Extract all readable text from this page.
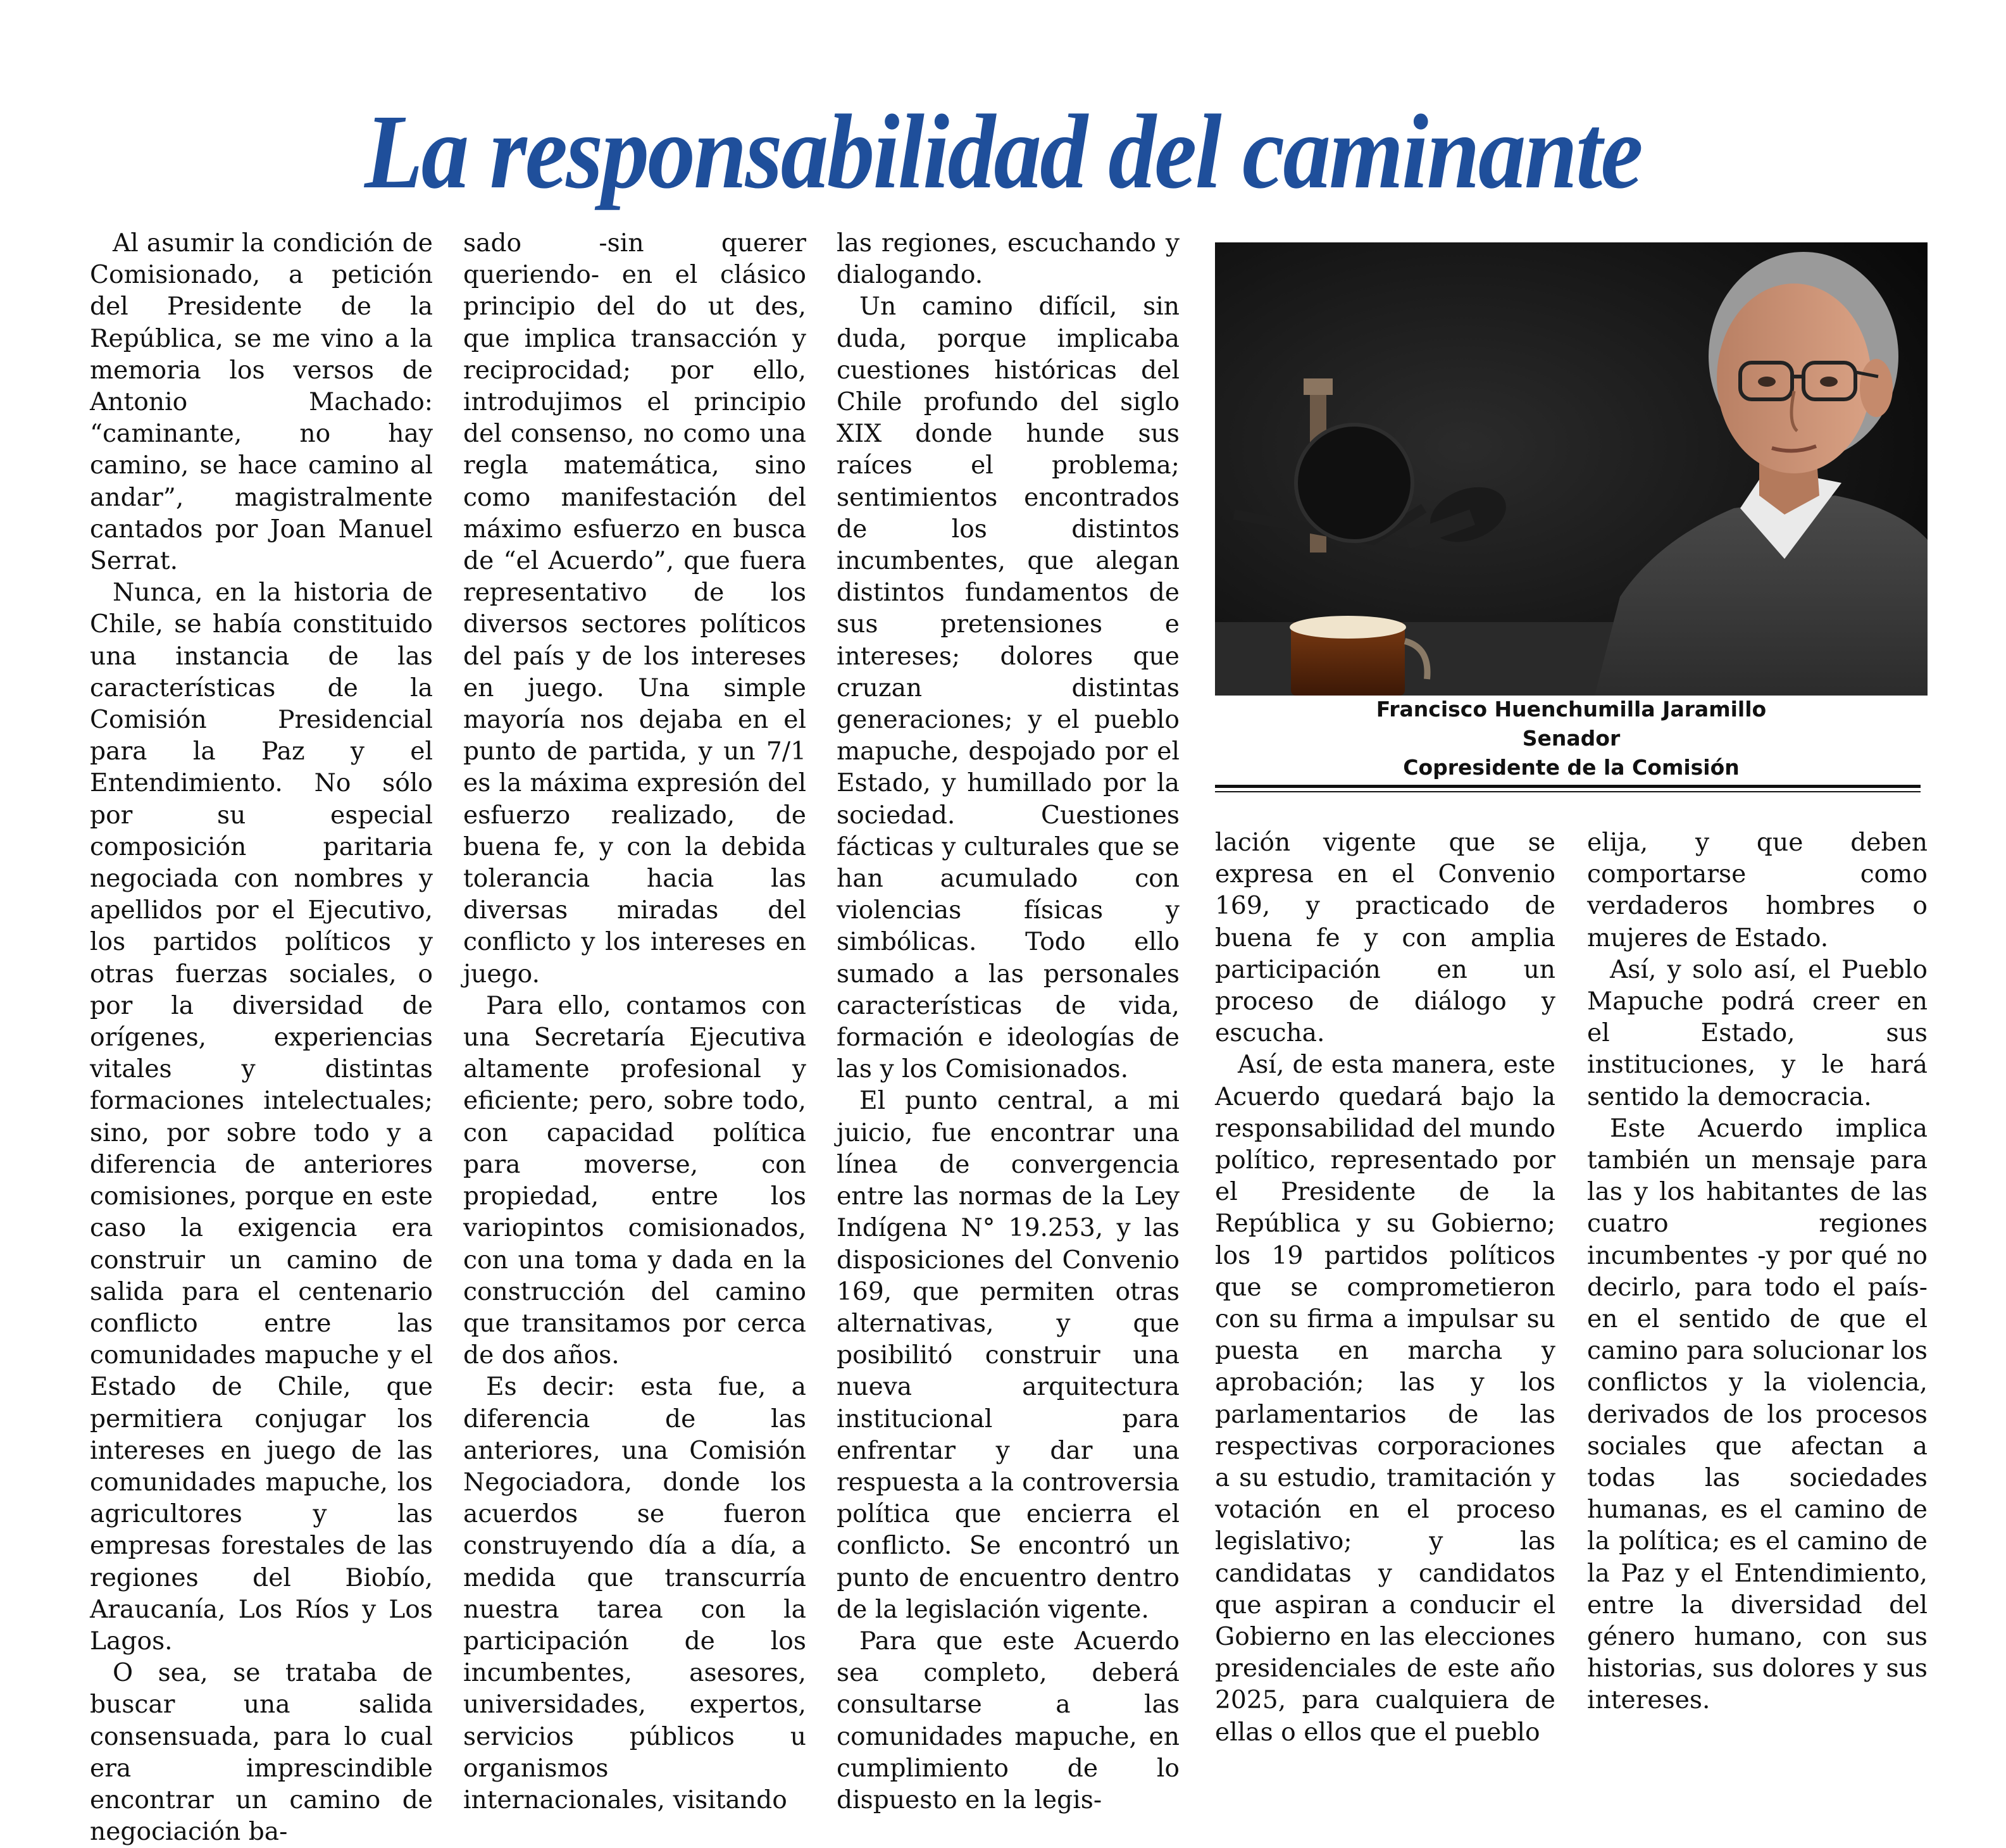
La responsabilidad del caminante

Al asumir la condición de Comisionado, a petición del Presidente de la República, se me vino a la memoria los versos de Antonio Machado: “caminante, no hay camino, se hace camino al andar”, magistralmente cantados por Joan Manuel Serrat.

Nunca, en la historia de Chile, se había constituido una instancia de las características de la Comisión Presidencial para la Paz y el Entendimiento. No sólo por su especial composición paritaria negociada con nombres y apellidos por el Ejecutivo, los partidos políticos y otras fuerzas sociales, o por la diversidad de orígenes, experiencias vitales y distintas formaciones intelectuales; sino, por sobre todo y a diferencia de anteriores comisiones, porque en este caso la exigencia era construir un camino de salida para el centenario conflicto entre las comunidades mapuche y el Estado de Chile, que permitiera conjugar los intereses en juego de las comunidades mapuche, los agricultores y las empresas forestales de las regiones del Biobío, Araucanía, Los Ríos y Los Lagos.

O sea, se trataba de buscar una salida consensuada, para lo cual era imprescindible encontrar un camino de negociación ba-

sado -sin querer queriendo- en el clásico principio del do ut des, que implica transacción y reciprocidad; por ello, introdujimos el principio del consenso, no como una regla matemática, sino como manifestación del máximo esfuerzo en busca de “el Acuerdo”, que fuera representativo de los diversos sectores políticos del país y de los intereses en juego. Una simple mayoría nos dejaba en el punto de partida, y un 7/1 es la máxima expresión del esfuerzo realizado, de buena fe, y con la debida tolerancia hacia las diversas miradas del conflicto y los intereses en juego.

Para ello, contamos con una Secretaría Ejecutiva altamente profesional y eficiente; pero, sobre todo, con capacidad política para moverse, con propiedad, entre los variopintos comisionados, con una toma y dada en la construcción del camino que transitamos por cerca de dos años.

Es decir: esta fue, a diferencia de las anteriores, una Comisión Negociadora, donde los acuerdos se fueron construyendo día a día, a medida que transcurría nuestra tarea con la participación de los incumbentes, asesores, universidades, expertos, servicios públicos u organismos internacionales, visitando

las regiones, escuchando y dialogando.

Un camino difícil, sin duda, porque implicaba cuestiones históricas del Chile profundo del siglo XIX donde hunde sus raíces el problema; sentimientos encontrados de los distintos incumbentes, que alegan distintos fundamentos de sus pretensiones e intereses; dolores que cruzan distintas generaciones; y el pueblo mapuche, despojado por el Estado, y humillado por la sociedad. Cuestiones fácticas y culturales que se han acumulado con violencias físicas y simbólicas. Todo ello sumado a las personales características de vida, formación e ideologías de las y los Comisionados.

El punto central, a mi juicio, fue encontrar una línea de convergencia entre las normas de la Ley Indígena N° 19.253, y las disposiciones del Convenio 169, que permiten otras alternativas, y que posibilitó construir una nueva arquitectura institucional para enfrentar y dar una respuesta a la controversia política que encierra el conflicto. Se encontró un punto de encuentro dentro de la legislación vigente.

Para que este Acuerdo sea completo, deberá consultarse a las comunidades mapuche, en cumplimiento de lo dispuesto en la legis-

Francisco Huenchumilla Jaramillo
Senador
Copresidente de la Comisión

lación vigente que se expresa en el Convenio 169, y practicado de buena fe y con amplia participación en un proceso de diálogo y escucha.

Así, de esta manera, este Acuerdo quedará bajo la responsabilidad del mundo político, representado por el Presidente de la República y su Gobierno; los 19 partidos políticos que se comprometieron con su firma a impulsar su puesta en marcha y aprobación; las y los parlamentarios de las respectivas corporaciones a su estudio, tramitación y votación en el proceso legislativo; y las candidatas y candidatos que aspiran a conducir el Gobierno en las elecciones presidenciales de este año 2025, para cualquiera de ellas o ellos que el pueblo

elija, y que deben comportarse como verdaderos hombres o mujeres de Estado.

Así, y solo así, el Pueblo Mapuche podrá creer en el Estado, sus instituciones, y le hará sentido la democracia.

Este Acuerdo implica también un mensaje para las y los habitantes de las cuatro regiones incumbentes -y por qué no decirlo, para todo el país- en el sentido de que el camino para solucionar los conflictos y la violencia, derivados de los procesos sociales que afectan a todas las sociedades humanas, es el camino de la política; es el camino de la Paz y el Entendimiento, entre la diversidad del género humano, con sus historias, sus dolores y sus intereses.
